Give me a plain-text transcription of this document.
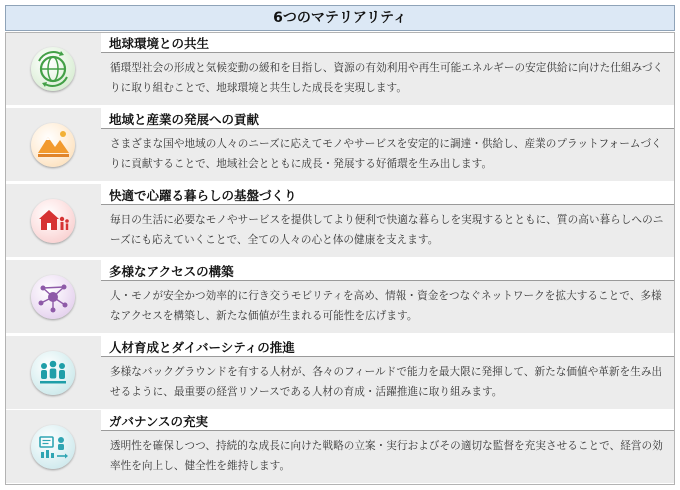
6つのマテリアリティ
地球環境との共生

循環型社会の形成と気候変動の緩和を目指し、資源の有効利用や再生可能エネルギーの安定供給に向けた仕組みづくりに取り組むことで、地球環境と共生した成長を実現します。

地域と産業の発展への貢献

さまざまな国や地域の人々のニーズに応えてモノやサービスを安定的に調達・供給し、産業のプラットフォームづくりに貢献することで、地域社会とともに成長・発展する好循環を生み出します。

快適で心躍る暮らしの基盤づくり

毎日の生活に必要なモノやサービスを提供してより便利で快適な暮らしを実現するとともに、質の高い暮らしへのニーズにも応えていくことで、全ての人々の心と体の健康を支えます。

多様なアクセスの構築

人・モノが安全かつ効率的に行き交うモビリティを高め、情報・資金をつなぐネットワークを拡大することで、多様なアクセスを構築し、新たな価値が生まれる可能性を広げます。

人材育成とダイバーシティの推進

多様なバックグラウンドを有する人材が、各々のフィールドで能力を最大限に発揮して、新たな価値や革新を生み出せるように、最重要の経営リソースである人材の育成・活躍推進に取り組みます。

ガバナンスの充実

透明性を確保しつつ、持続的な成長に向けた戦略の立案・実行およびその適切な監督を充実させることで、経営の効率性を向上し、健全性を維持します。
